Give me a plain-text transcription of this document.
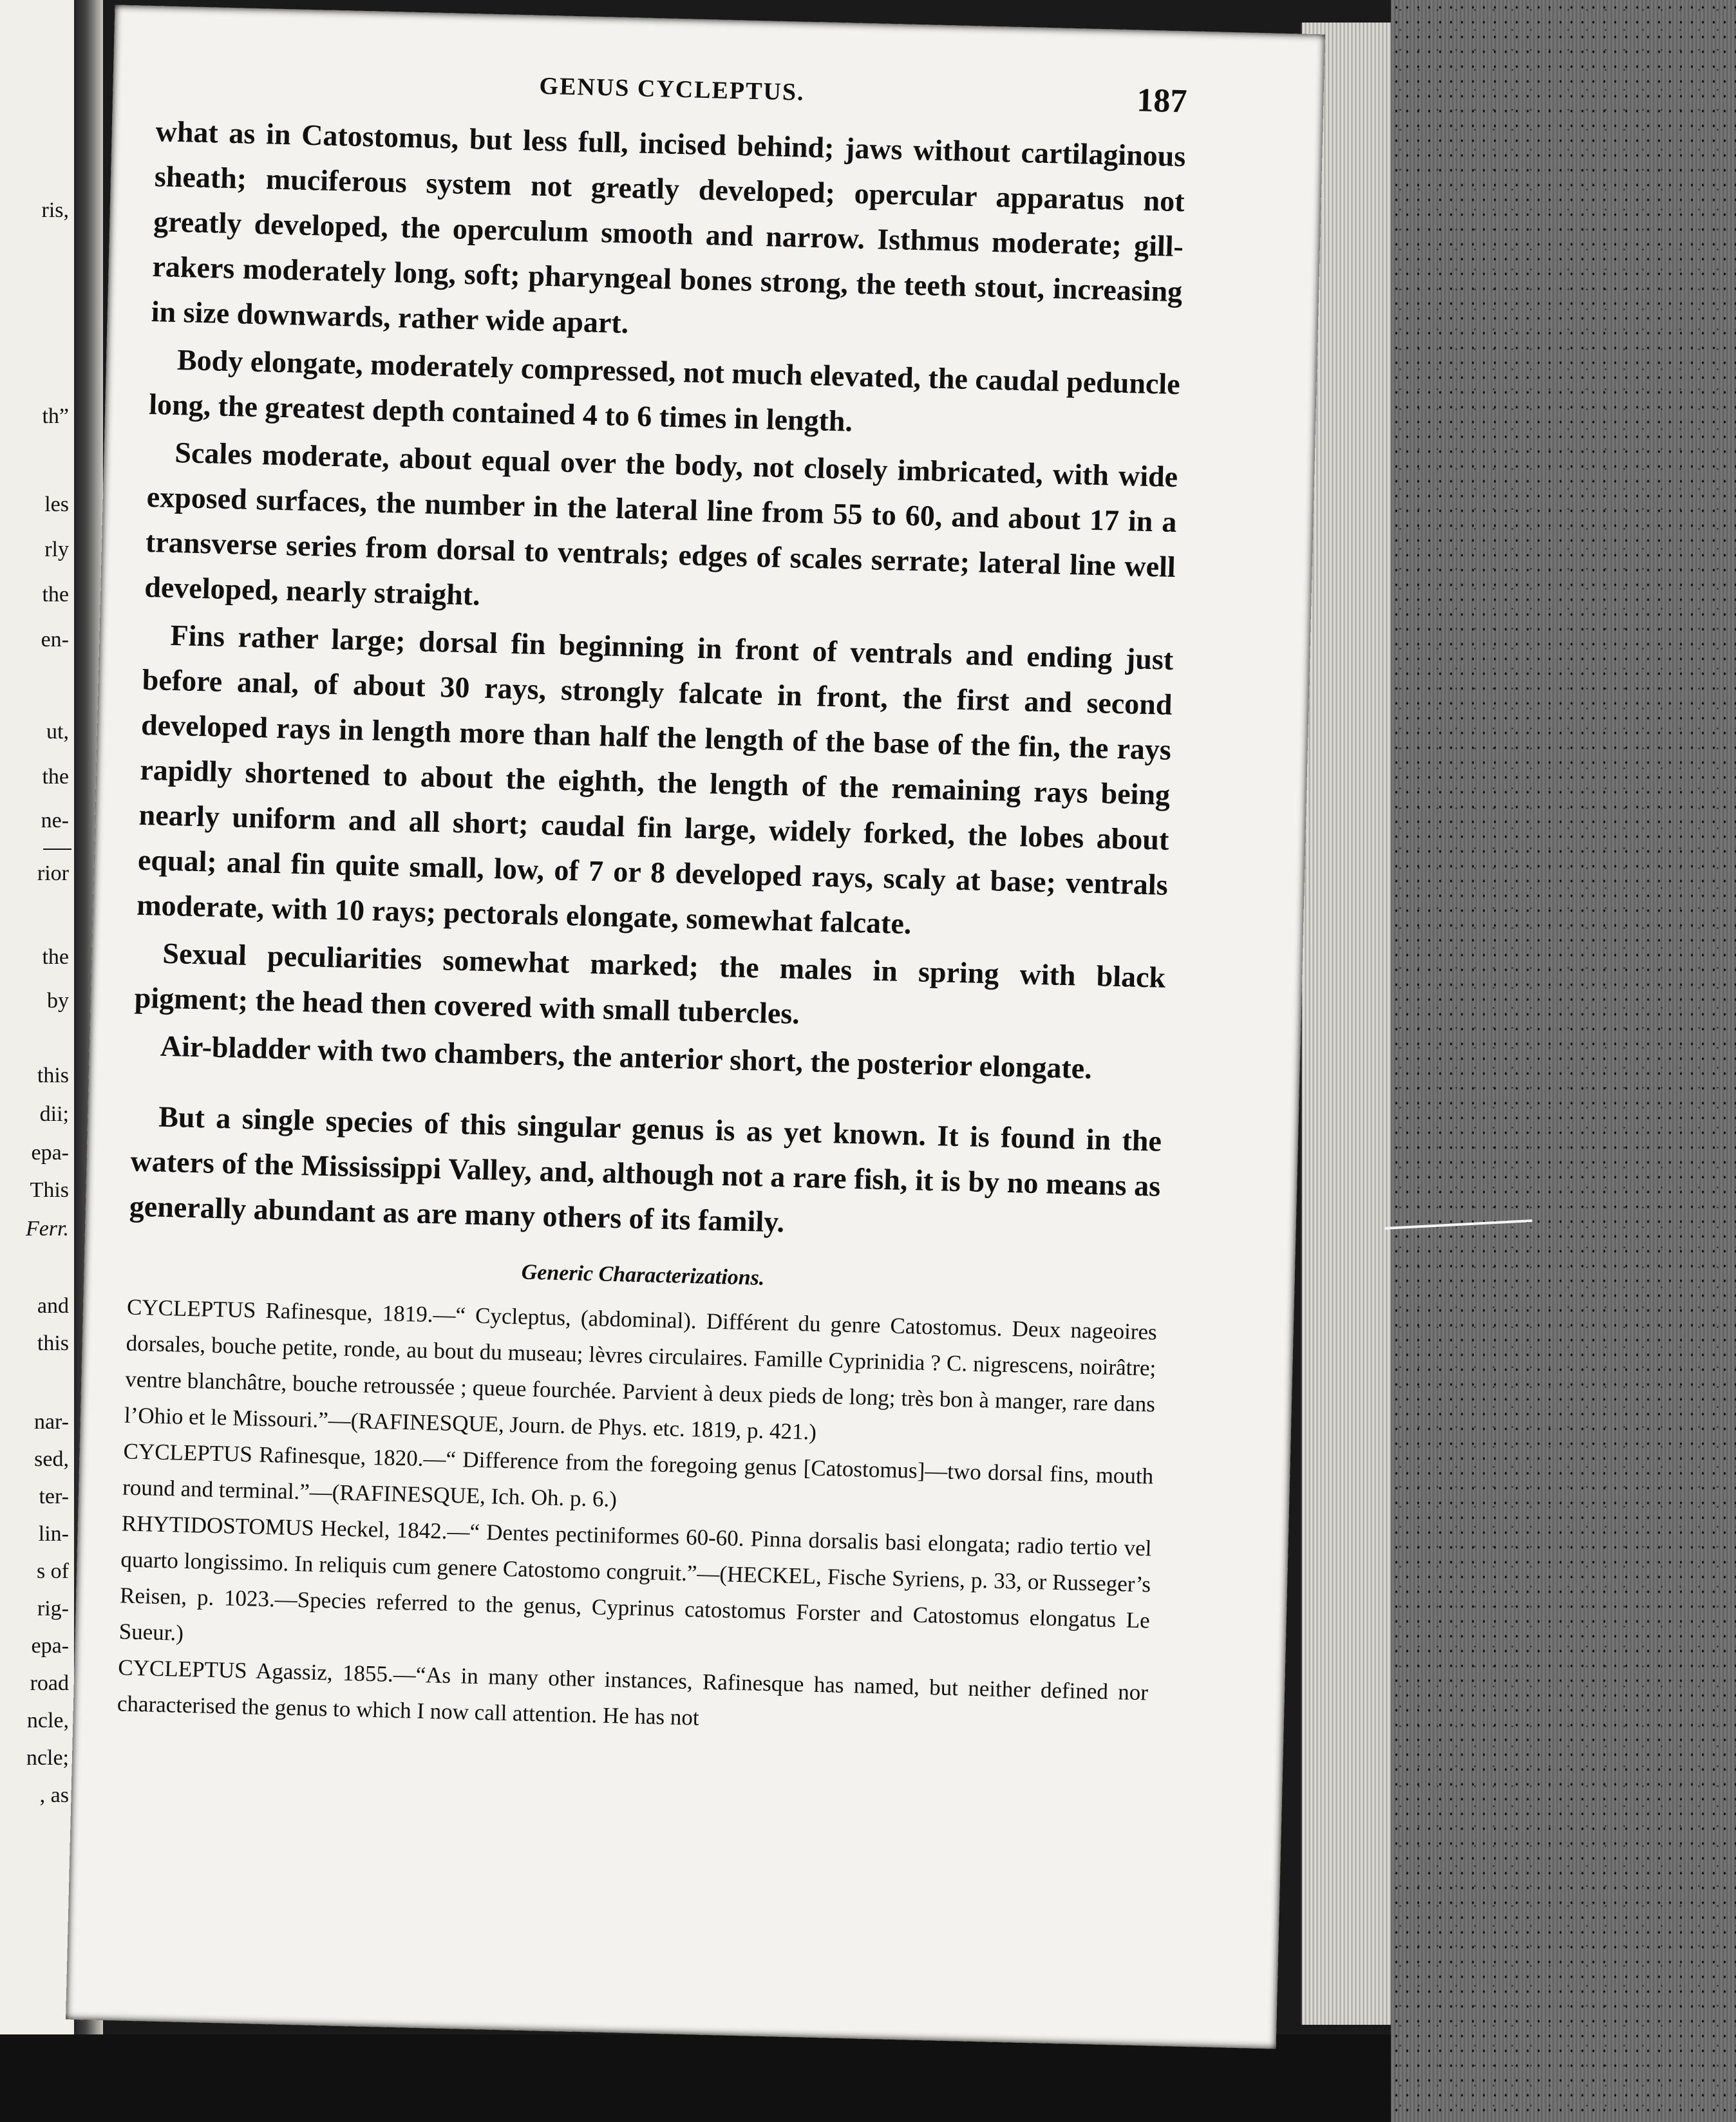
ris,
th”
les
rly
the
en-
ut,
the
ne-
rior
the
by
this
dii;
epa-
This
Ferr.
and
this
nar-
sed,
ter-
lin-
s of
rig-
epa-
road
ncle,
ncle;
, as
GENUS CYCLEPTUS.	187

what as in Catostomus, but less full, incised behind; jaws without cartilaginous sheath; muciferous system not greatly developed; opercular apparatus not greatly developed, the operculum smooth and narrow. Isthmus moderate; gill-rakers moderately long, soft; pharyngeal bones strong, the teeth stout, increasing in size downwards, rather wide apart.

Body elongate, moderately compressed, not much elevated, the caudal peduncle long, the greatest depth contained 4 to 6 times in length.

Scales moderate, about equal over the body, not closely imbricated, with wide exposed surfaces, the number in the lateral line from 55 to 60, and about 17 in a transverse series from dorsal to ventrals; edges of scales serrate; lateral line well developed, nearly straight.

Fins rather large; dorsal fin beginning in front of ventrals and ending just before anal, of about 30 rays, strongly falcate in front, the first and second developed rays in length more than half the length of the base of the fin, the rays rapidly shortened to about the eighth, the length of the remaining rays being nearly uniform and all short; caudal fin large, widely forked, the lobes about equal; anal fin quite small, low, of 7 or 8 developed rays, scaly at base; ventrals moderate, with 10 rays; pectorals elongate, somewhat falcate.

Sexual peculiarities somewhat marked; the males in spring with black pigment; the head then covered with small tubercles.

Air-bladder with two chambers, the anterior short, the posterior elongate.

But a single species of this singular genus is as yet known. It is found in the waters of the Mississippi Valley, and, although not a rare fish, it is by no means as generally abundant as are many others of its family.

Generic Characterizations.

CYCLEPTUS Rafinesque, 1819.—“ Cycleptus, (abdominal). Différent du genre Catostomus. Deux nageoires dorsales, bouche petite, ronde, au bout du museau; lèvres circulaires. Famille Cyprinidia ? C. nigrescens, noirâtre; ventre blanchâtre, bouche retroussée ; queue fourchée. Parvient à deux pieds de long; très bon à manger, rare dans l’Ohio et le Missouri.”—(RAFINESQUE, Journ. de Phys. etc. 1819, p. 421.)

CYCLEPTUS Rafinesque, 1820.—“ Difference from the foregoing genus [Catostomus]—two dorsal fins, mouth round and terminal.”—(RAFINESQUE, Ich. Oh. p. 6.)

RHYTIDOSTOMUS Heckel, 1842.—“ Dentes pectiniformes 60-60. Pinna dorsalis basi elongata; radio tertio vel quarto longissimo. In reliquis cum genere Catostomo congruit.”—(HECKEL, Fische Syriens, p. 33, or Russeger’s Reisen, p. 1023.—Species referred to the genus, Cyprinus catostomus Forster and Catostomus elongatus Le Sueur.)

CYCLEPTUS Agassiz, 1855.—“As in many other instances, Rafinesque has named, but neither defined nor characterised the genus to which I now call attention. He has not
